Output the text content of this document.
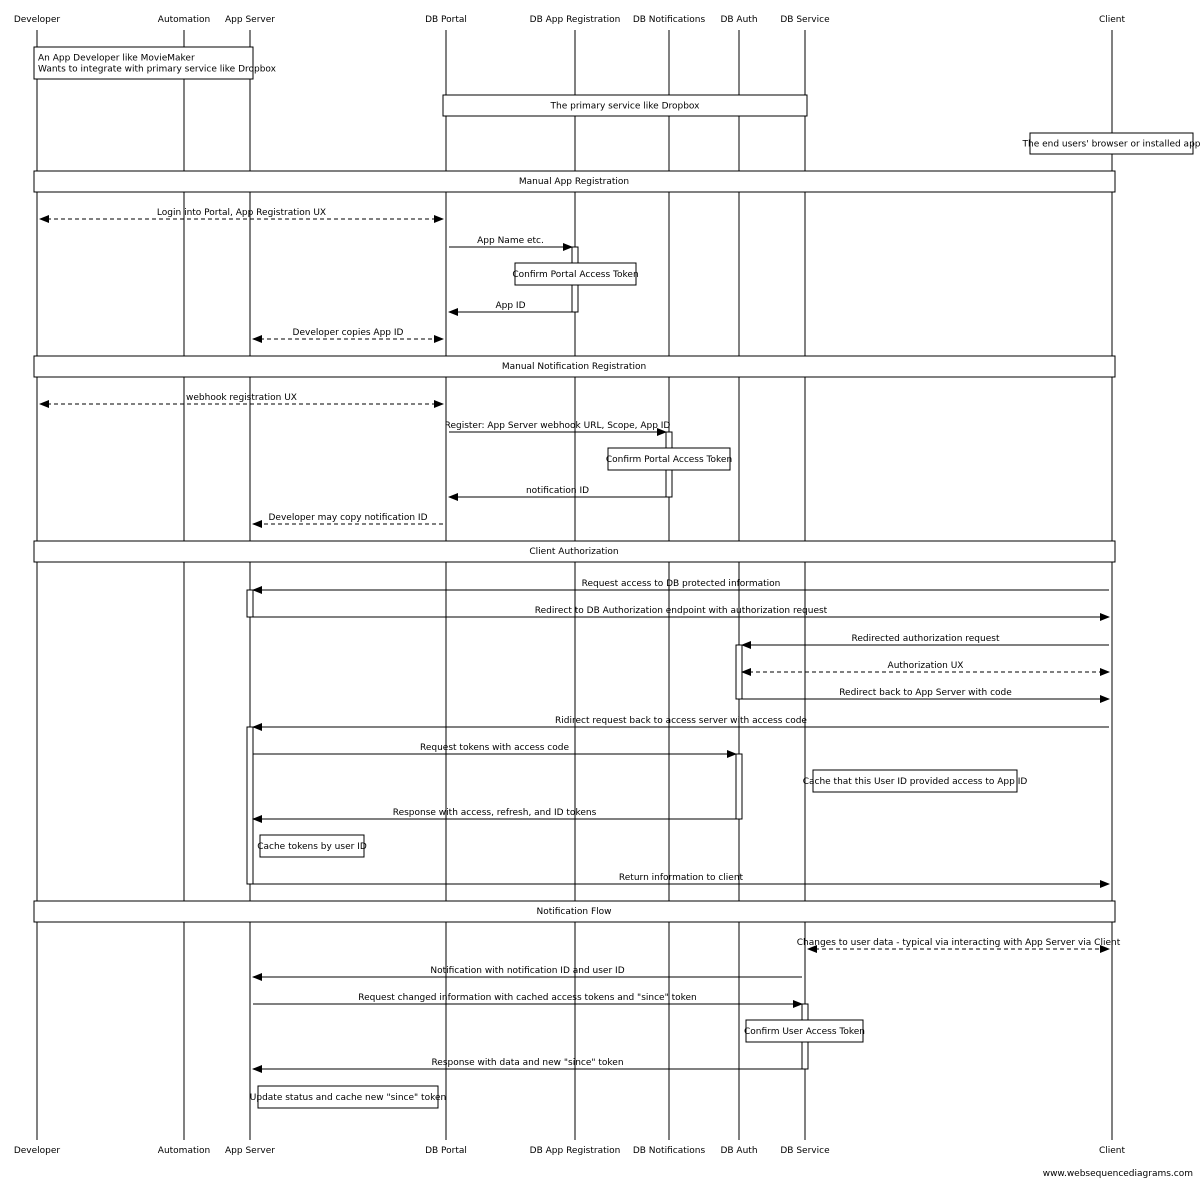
Manual App Registration
Manual Notification Registration
Client Authorization
Notification Flow
An App Developer like MovieMaker
Wants to integrate with primary service like Dropbox
The primary service like Dropbox
The end users' browser or installed app
Confirm Portal Access Token
Confirm Portal Access Token
Cache that this User ID provided access to App ID
Cache tokens by user ID
Confirm User Access Token
Update status and cache new "since" token
Login into Portal, App Registration UX
App Name etc.
App ID
Developer copies App ID
webhook registration UX
Register: App Server webhook URL, Scope, App ID
notification ID
Developer may copy notification ID
Request access to DB protected information
Redirect to DB Authorization endpoint with authorization request
Redirected authorization request
Authorization UX
Redirect back to App Server with code
Ridirect request back to access server with access code
Request tokens with access code
Response with access, refresh, and ID tokens
Return information to client
Changes to user data - typical via interacting with App Server via Client
Notification with notification ID and user ID
Request changed information with cached access tokens and "since" token
Response with data and new "since" token
Developer
Developer
Automation
Automation
App Server
App Server
DB Portal
DB Portal
DB App Registration
DB App Registration
DB Notifications
DB Notifications
DB Auth
DB Auth
DB Service
DB Service
Client
Client
www.websequencediagrams.com
